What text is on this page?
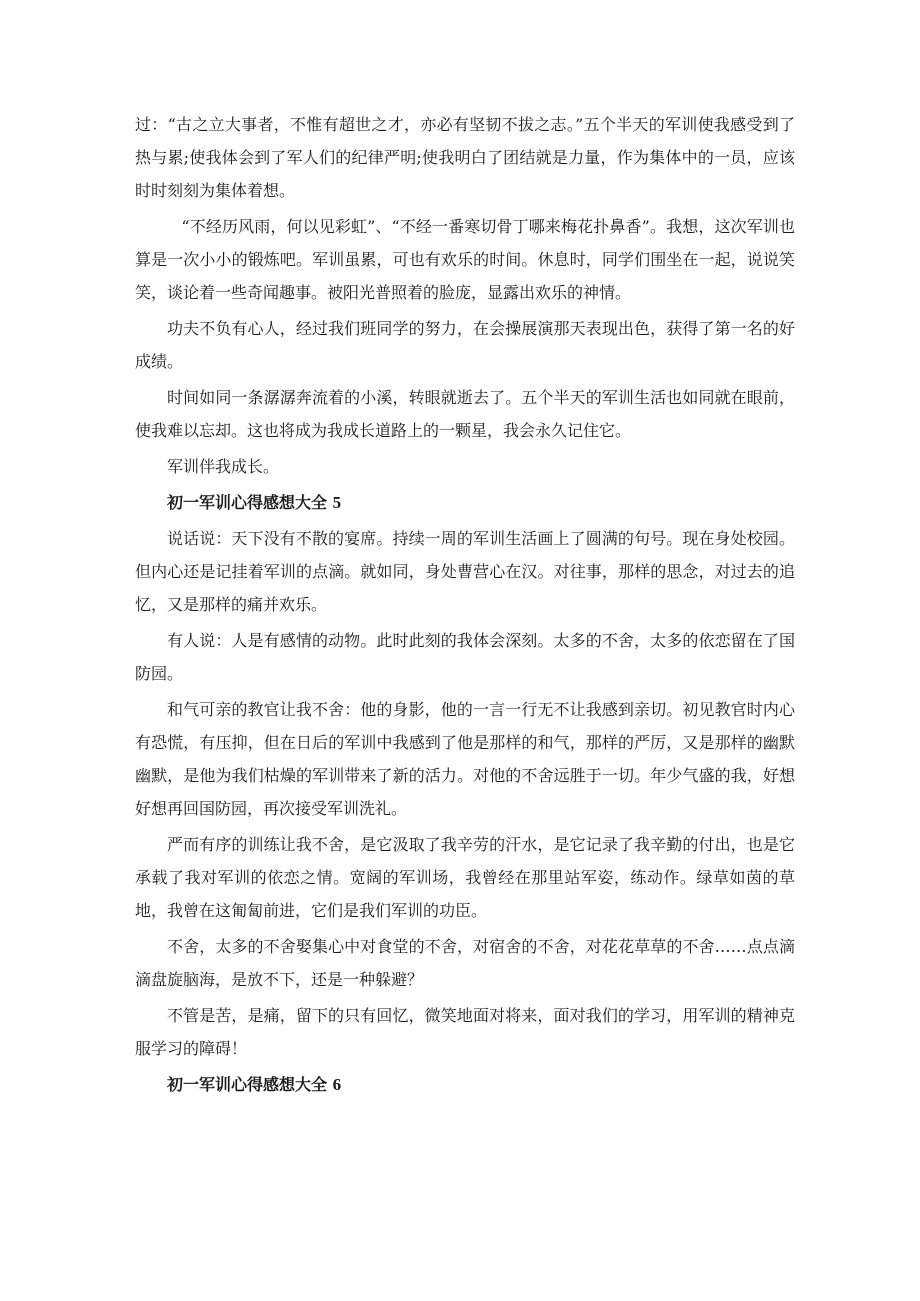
过：“古之立大事者，不惟有超世之才，亦必有坚韧不拔之志。”五个半天的军训使我感受到了热与累;使我体会到了军人们的纪律严明;使我明白了团结就是力量，作为集体中的一员，应该时时刻刻为集体着想。

“不经历风雨，何以见彩虹”、“不经一番寒切骨丁哪来梅花扑鼻香”。我想，这次军训也算是一次小小的锻炼吧。军训虽累，可也有欢乐的时间。休息时，同学们围坐在一起，说说笑笑，谈论着一些奇闻趣事。被阳光普照着的脸庞，显露出欢乐的神情。

功夫不负有心人，经过我们班同学的努力，在会操展演那天表现出色，获得了第一名的好成绩。

时间如同一条潺潺奔流着的小溪，转眼就逝去了。五个半天的军训生活也如同就在眼前，使我难以忘却。这也将成为我成长道路上的一颗星，我会永久记住它。

军训伴我成长。

初一军训心得感想大全 5

说话说：天下没有不散的宴席。持续一周的军训生活画上了圆满的句号。现在身处校园。但内心还是记挂着军训的点滴。就如同，身处曹营心在汉。对往事，那样的思念，对过去的追忆，又是那样的痛并欢乐。

有人说：人是有感情的动物。此时此刻的我体会深刻。太多的不舍，太多的依恋留在了国防园。

和气可亲的教官让我不舍：他的身影，他的一言一行无不让我感到亲切。初见教官时内心有恐慌，有压抑，但在日后的军训中我感到了他是那样的和气，那样的严厉，又是那样的幽默幽默，是他为我们枯燥的军训带来了新的活力。对他的不舍远胜于一切。年少气盛的我，好想好想再回国防园，再次接受军训洗礼。

严而有序的训练让我不舍，是它汲取了我辛劳的汗水，是它记录了我辛勤的付出，也是它承载了我对军训的依恋之情。宽阔的军训场，我曾经在那里站军姿，练动作。绿草如茵的草地，我曾在这匍匐前进，它们是我们军训的功臣。

不舍，太多的不舍娶集心中对食堂的不舍，对宿舍的不舍，对花花草草的不舍……点点滴滴盘旋脑海，是放不下，还是一种躲避？

不管是苦，是痛，留下的只有回忆，微笑地面对将来，面对我们的学习，用军训的精神克服学习的障碍！

初一军训心得感想大全 6
